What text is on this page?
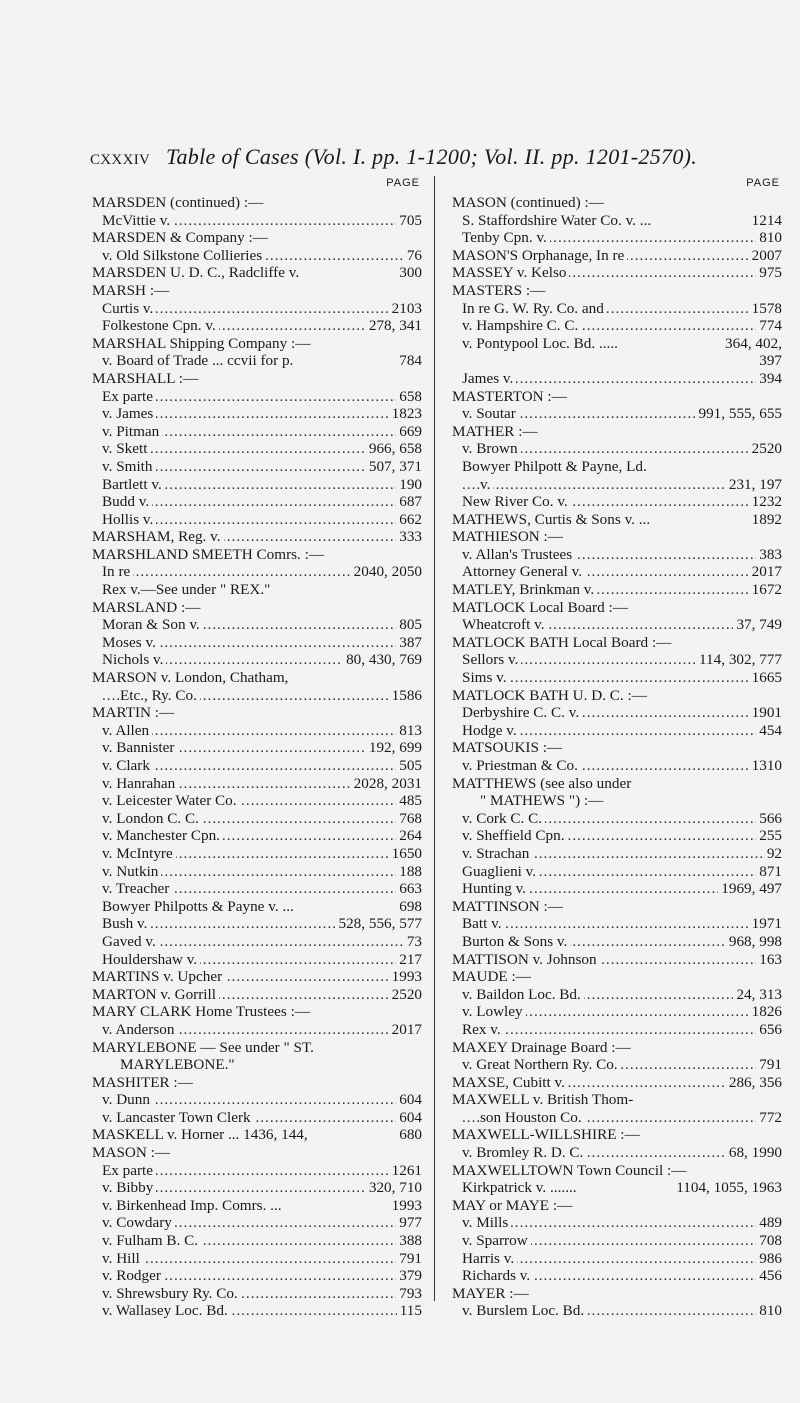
cxxxiv Table of Cases (Vol. I. pp. 1-1200; Vol. II. pp. 1201-2570).
PAGE
MARSDEN (continued) :—
..... McVittie v.	705
MARSDEN & Company :—
..... v. Old Silkstone Collieries	76
MARSDEN U. D. C., Radcliffe v.	300
MARSH :—
..... Curtis v.	2103
..... Folkestone Cpn. v.	278, 341
MARSHAL Shipping Company :—
v. Board of Trade ... ccvii for p.	784
MARSHALL :—
..... Ex parte	658
..... v. James	1823
..... v. Pitman	669
..... v. Skett	966, 658
..... v. Smith	507, 371
..... Bartlett v.	190
..... Budd v.	687
..... Hollis v.	662
..... MARSHAM, Reg. v.	333
MARSHLAND SMEETH Comrs. :—
..... In re	2040, 2050
Rex v.—See under " REX."
MARSLAND :—
..... Moran & Son v.	805
..... Moses v.	387
..... Nichols v.	80, 430, 769
MARSON v. London, Chatham,
..... Etc., Ry. Co.	1586
MARTIN :—
..... v. Allen	813
..... v. Bannister	192, 699
..... v. Clark	505
..... v. Hanrahan	2028, 2031
..... v. Leicester Water Co.	485
..... v. London C. C.	768
..... v. Manchester Cpn.	264
..... v. McIntyre	1650
..... v. Nutkin	188
..... v. Treacher	663
Bowyer Philpotts & Payne v. ...	698
..... Bush v.	528, 556, 577
..... Gaved v.	73
..... Houldershaw v.	217
..... MARTINS v. Upcher	1993
..... MARTON v. Gorrill	2520
MARY CLARK Home Trustees :—
..... v. Anderson	2017
MARYLEBONE — See under " ST.
MARYLEBONE."
MASHITER :—
..... v. Dunn	604
..... v. Lancaster Town Clerk	604
MASKELL v. Horner ... 1436, 144,	680
MASON :—
..... Ex parte	1261
..... v. Bibby	320, 710
v. Birkenhead Imp. Comrs. ...	1993
..... v. Cowdary	977
..... v. Fulham B. C.	388
..... v. Hill	791
..... v. Rodger	379
..... v. Shrewsbury Ry. Co.	793
..... v. Wallasey Loc. Bd.	115
PAGE
MASON (continued) :—
S. Staffordshire Water Co. v. ...	1214
..... Tenby Cpn. v.	810
..... MASON'S Orphanage, In re	2007
..... MASSEY v. Kelso	975
MASTERS :—
..... In re G. W. Ry. Co. and	1578
..... v. Hampshire C. C.	774
v. Pontypool Loc. Bd. .....	364, 402,
397
..... James v.	394
MASTERTON :—
..... v. Soutar	991, 555, 655
MATHER :—
..... v. Brown	2520
Bowyer Philpott & Payne, Ld.
..... v.	231, 197
..... New River Co. v.	1232
MATHEWS, Curtis & Sons v. ...	1892
MATHIESON :—
..... v. Allan's Trustees	383
..... Attorney General v.	2017
..... MATLEY, Brinkman v.	1672
MATLOCK Local Board :—
..... Wheatcroft v.	37, 749
MATLOCK BATH Local Board :—
..... Sellors v.	114, 302, 777
..... Sims v.	1665
MATLOCK BATH U. D. C. :—
..... Derbyshire C. C. v.	1901
..... Hodge v.	454
MATSOUKIS :—
..... v. Priestman & Co.	1310
MATTHEWS (see also under
" MATHEWS ") :—
..... v. Cork C. C.	566
..... v. Sheffield Cpn.	255
..... v. Strachan	92
..... Guaglieni v.	871
..... Hunting v.	1969, 497
MATTINSON :—
..... Batt v.	1971
..... Burton & Sons v.	968, 998
..... MATTISON v. Johnson	163
MAUDE :—
..... v. Baildon Loc. Bd.	24, 313
..... v. Lowley	1826
..... Rex v.	656
MAXEY Drainage Board :—
..... v. Great Northern Ry. Co.	791
..... MAXSE, Cubitt v.	286, 356
MAXWELL v. British Thom-
..... son Houston Co.	772
MAXWELL-WILLSHIRE :—
..... v. Bromley R. D. C.	68, 1990
MAXWELLTOWN Town Council :—
Kirkpatrick v. .......	1104, 1055, 1963
MAY or MAYE :—
..... v. Mills	489
..... v. Sparrow	708
..... Harris v.	986
..... Richards v.	456
MAYER :—
..... v. Burslem Loc. Bd.	810
